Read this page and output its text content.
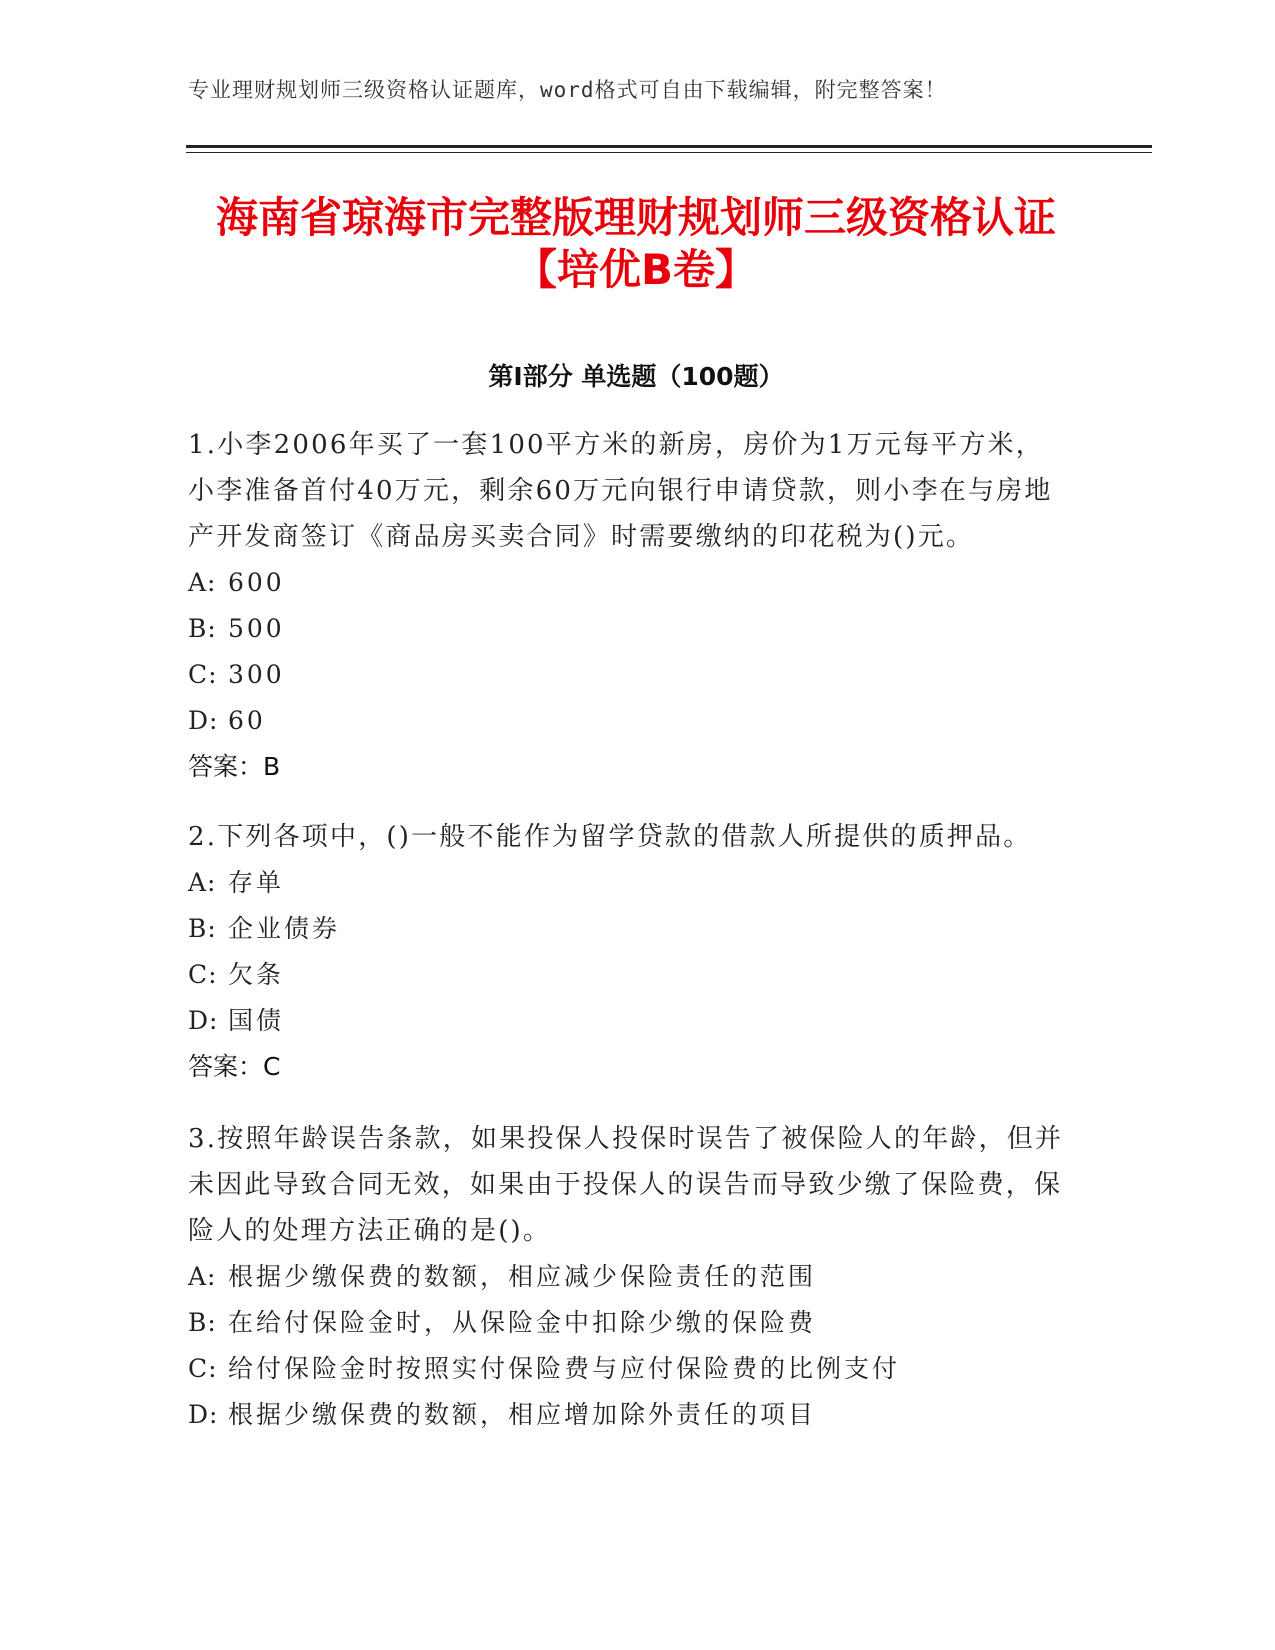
专业理财规划师三级资格认证题库，word格式可自由下载编辑，附完整答案！
海南省琼海市完整版理财规划师三级资格认证【培优B卷】
第Ⅰ部分 单选题（100题）

1.小李2006年买了一套100平方米的新房，房价为1万元每平方米，小李准备首付40万元，剩余60万元向银行申请贷款，则小李在与房地产开发商签订《商品房买卖合同》时需要缴纳的印花税为()元。

A: 600

B: 500

C: 300

D: 60

答案：B

2.下列各项中，()一般不能作为留学贷款的借款人所提供的质押品。

A: 存单

B: 企业债券

C: 欠条

D: 国债

答案：C

3.按照年龄误告条款，如果投保人投保时误告了被保险人的年龄，但并未因此导致合同无效，如果由于投保人的误告而导致少缴了保险费，保险人的处理方法正确的是()。

A: 根据少缴保费的数额，相应减少保险责任的范围

B: 在给付保险金时，从保险金中扣除少缴的保险费

C: 给付保险金时按照实付保险费与应付保险费的比例支付

D: 根据少缴保费的数额，相应增加除外责任的项目
